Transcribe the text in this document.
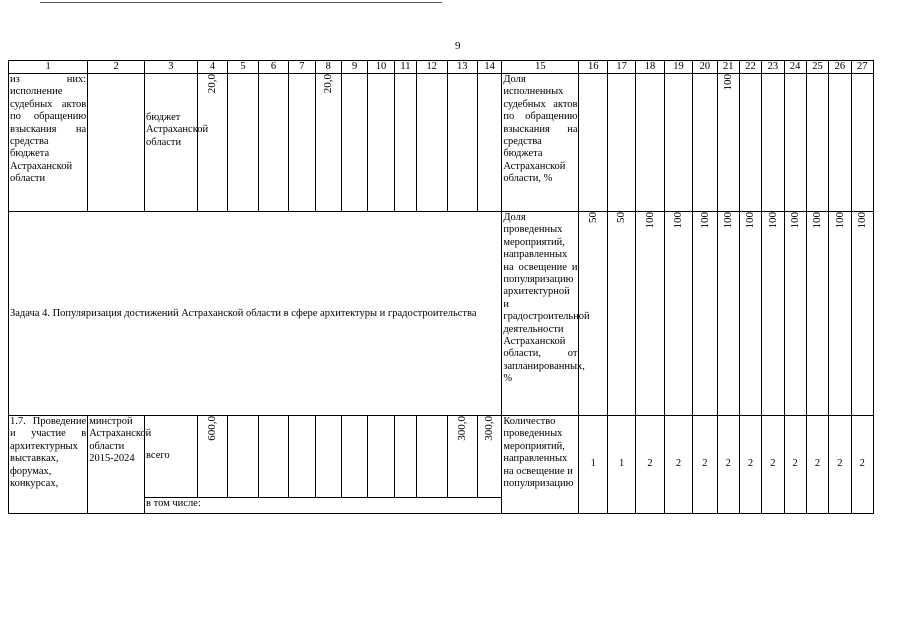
9
1	2	3	4	5	6	7	8	9	10	11	12	13	14	15	16	17	18	19	20	21	22	23	24	25	26	27
из них: исполнение судебных актов по обращению взыскания на средства бюджета Астраханской области		бюджет Астраханской области	20,0				20,0							Доля исполненных судебных актов по обращению взыскания на средства бюджета Астраханской области, %						100						

Задача 4. Популяризация достижений Астраханской области в сфере архитектуры и градостроительства														Доля проведенных мероприятий, направленных на освещение и популяризацию архитектурной и градостроительной деятельности Астраханской области, от запланированных, %	50	50	100	100	100	100	100	100	100	100	100	100

1.7. Проведение и участие в архитектурных выставках, форумах, конкурсах,	минстрой Астраханской области 2015-2024	всего	600,0									300,0	300,0	Количество проведенных мероприятий, направленных на освещение и популяризацию	1	1	2	2	2	2	2	2	2	2	2	2
		в том числе:																								
